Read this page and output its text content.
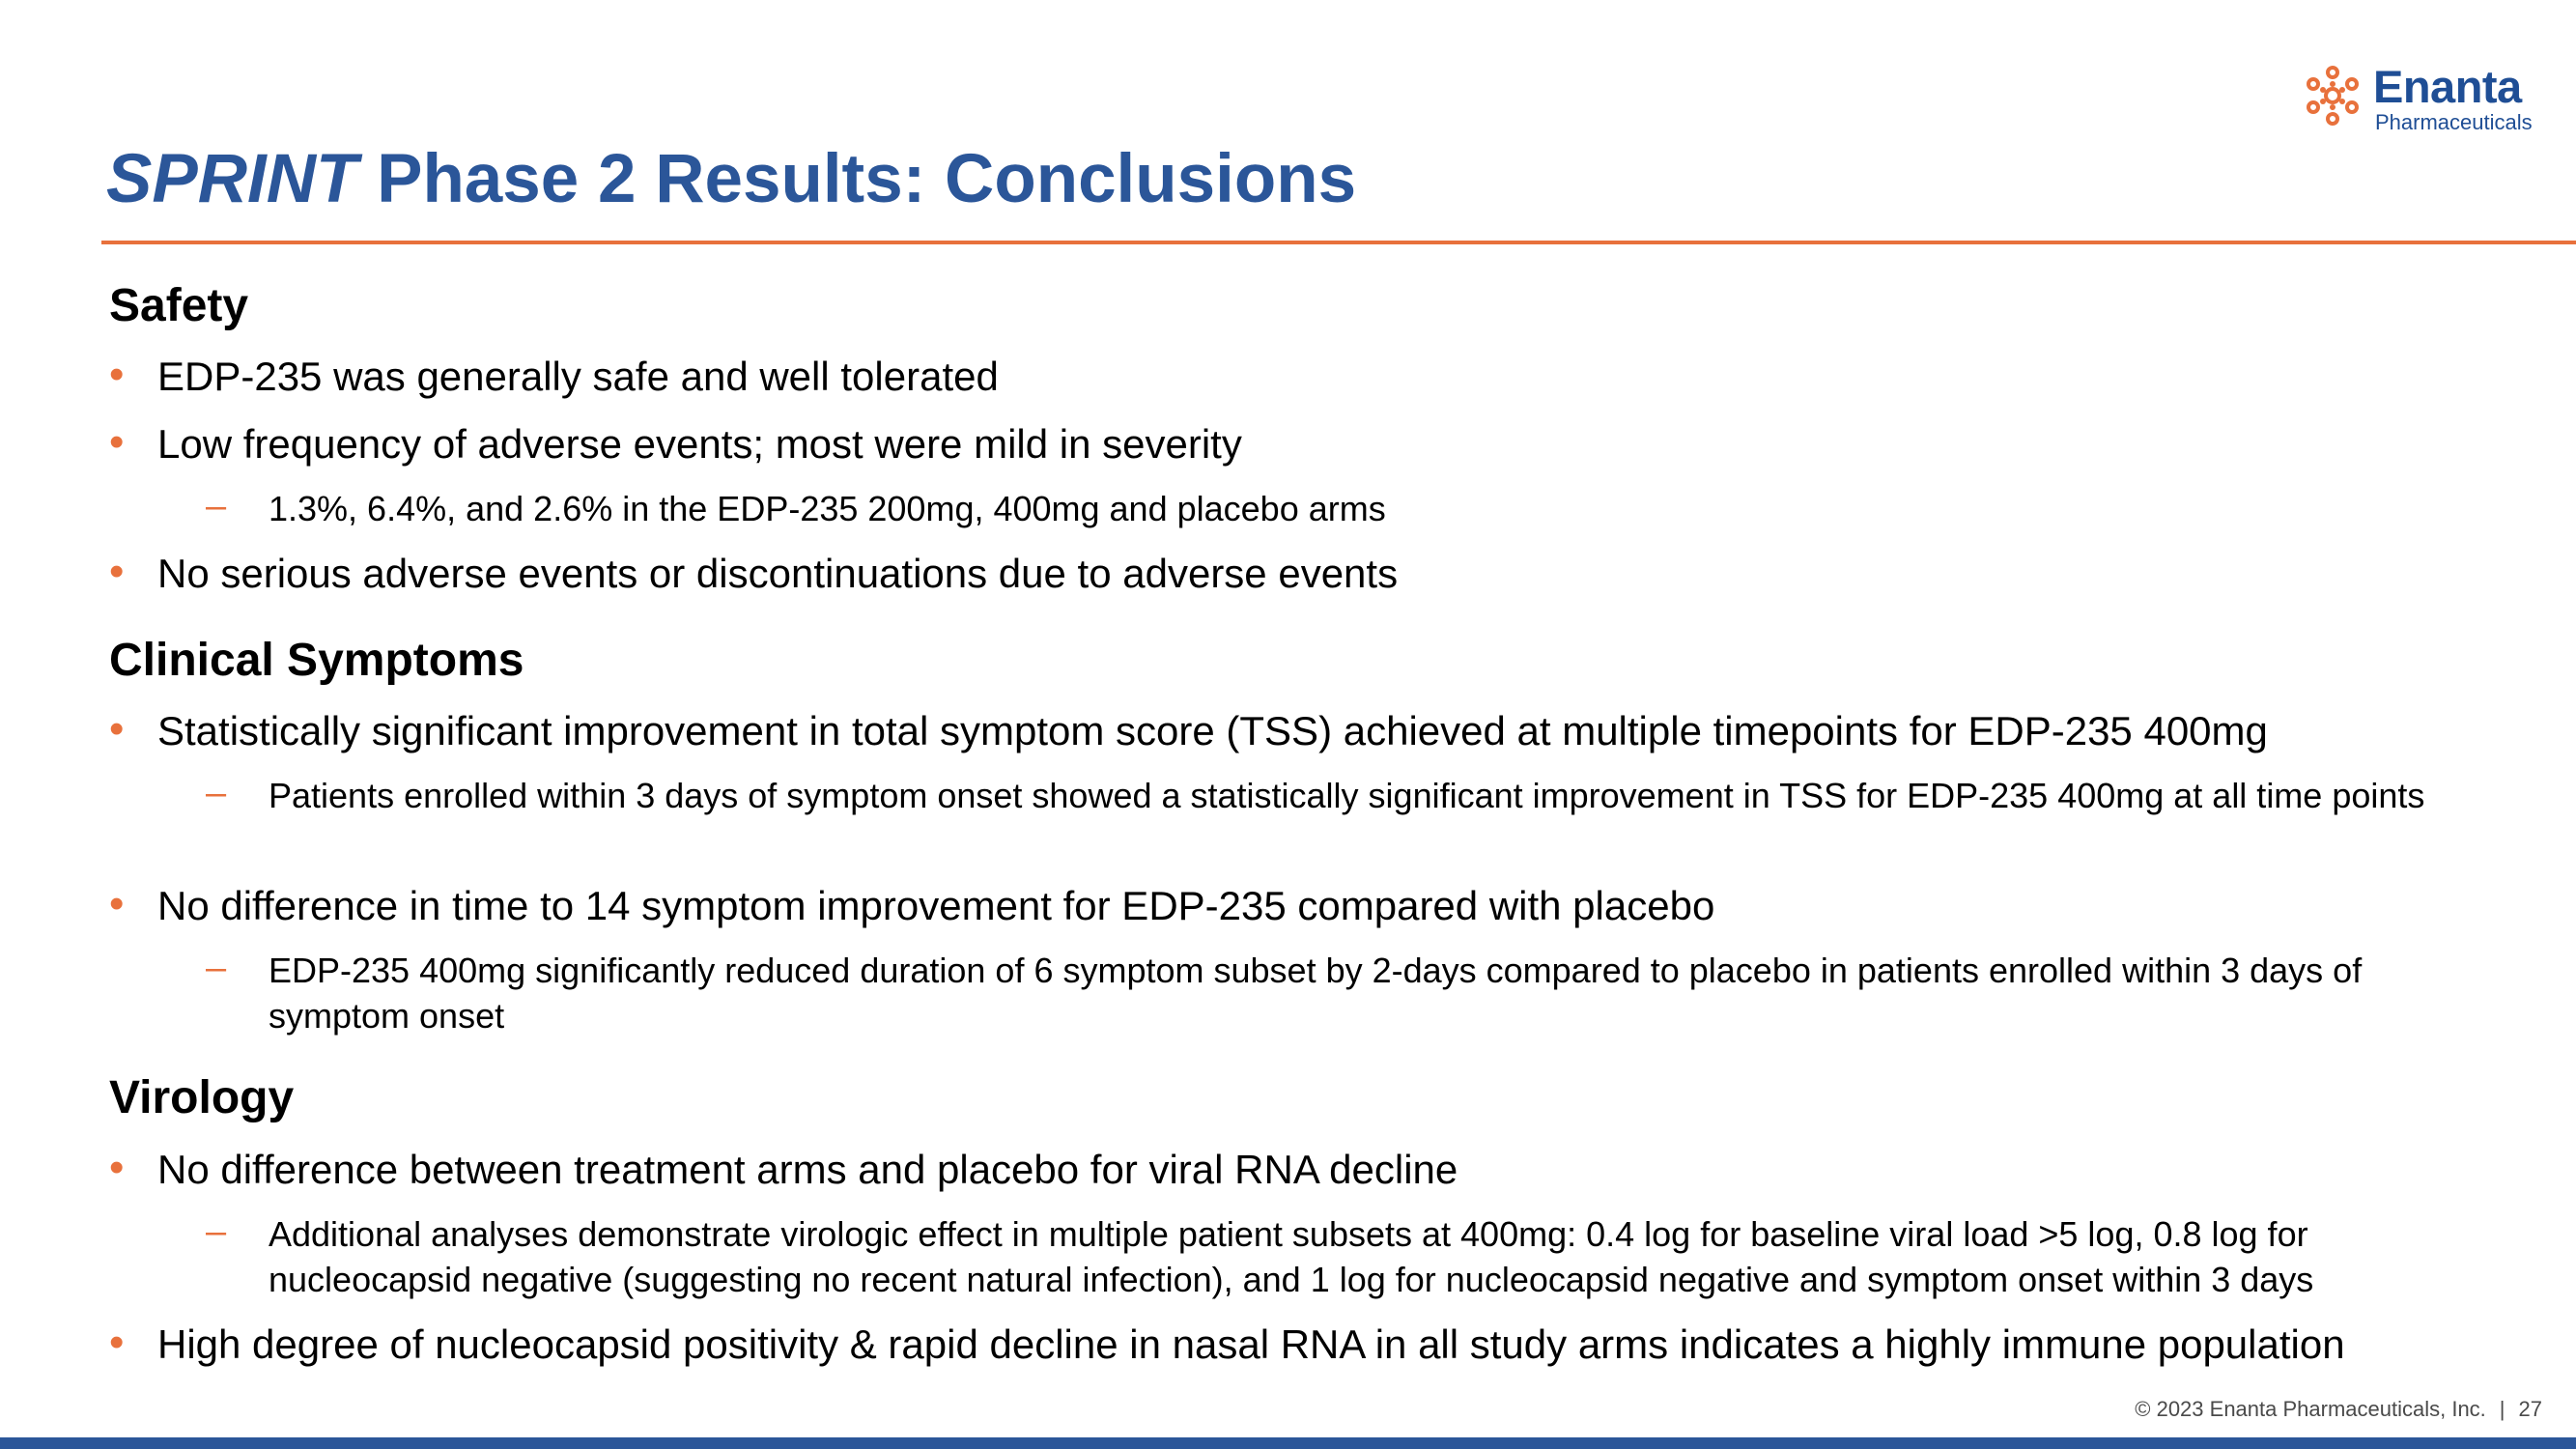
Enanta
Pharmaceuticals
SPRINT Phase 2 Results: Conclusions
Safety
• EDP-235 was generally safe and well tolerated
• Low frequency of adverse events; most were mild in severity
– 1.3%, 6.4%, and 2.6% in the EDP-235 200mg, 400mg and placebo arms
• No serious adverse events or discontinuations due to adverse events
Clinical Symptoms
• Statistically significant improvement in total symptom score (TSS) achieved at multiple timepoints for EDP-235 400mg
– Patients enrolled within 3 days of symptom onset showed a statistically significant improvement in TSS for EDP-235 400mg at all time points
• No difference in time to 14 symptom improvement for EDP-235 compared with placebo
– EDP-235 400mg significantly reduced duration of 6 symptom subset by 2-days compared to placebo in patients enrolled within 3 days of symptom onset
Virology
• No difference between treatment arms and placebo for viral RNA decline
– Additional analyses demonstrate virologic effect in multiple patient subsets at 400mg: 0.4 log for baseline viral load >5 log, 0.8 log for nucleocapsid negative (suggesting no recent natural infection), and 1 log for nucleocapsid negative and symptom onset within 3 days
• High degree of nucleocapsid positivity & rapid decline in nasal RNA in all study arms indicates a highly immune population
© 2023 Enanta Pharmaceuticals, Inc. | 27
